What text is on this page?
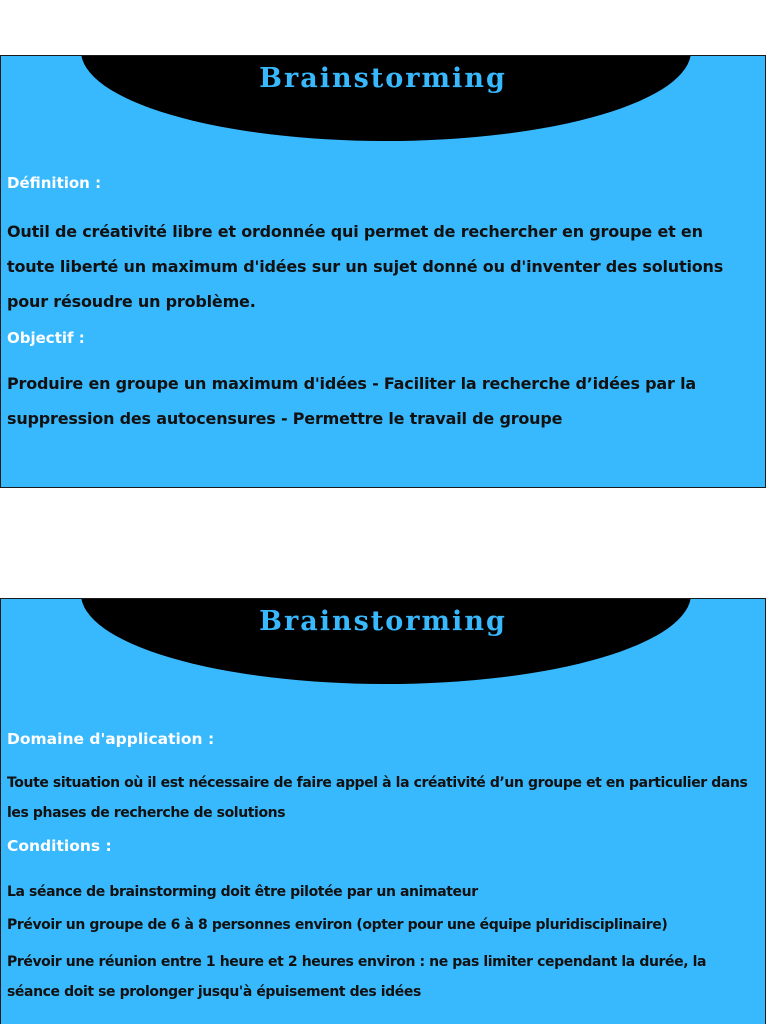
Brainstorming
Définition :
Outil de créativité libre et ordonnée qui permet de rechercher en groupe et en toute liberté un maximum d'idées sur un sujet donné ou d'inventer des solutions pour résoudre un problème.
Objectif :
Produire en groupe un maximum d'idées - Faciliter la recherche d’idées par la suppression des autocensures - Permettre le travail de groupe
Brainstorming
Domaine d'application :
Toute situation où il est nécessaire de faire appel à la créativité d’un groupe et en particulier dans les phases de recherche de solutions
Conditions :
La séance de brainstorming doit être pilotée par un animateur
Prévoir un groupe de 6 à 8 personnes environ (opter pour une équipe pluridisciplinaire)
Prévoir une réunion entre 1 heure et 2 heures environ : ne pas limiter cependant la durée, la séance doit se prolonger jusqu'à épuisement des idées
